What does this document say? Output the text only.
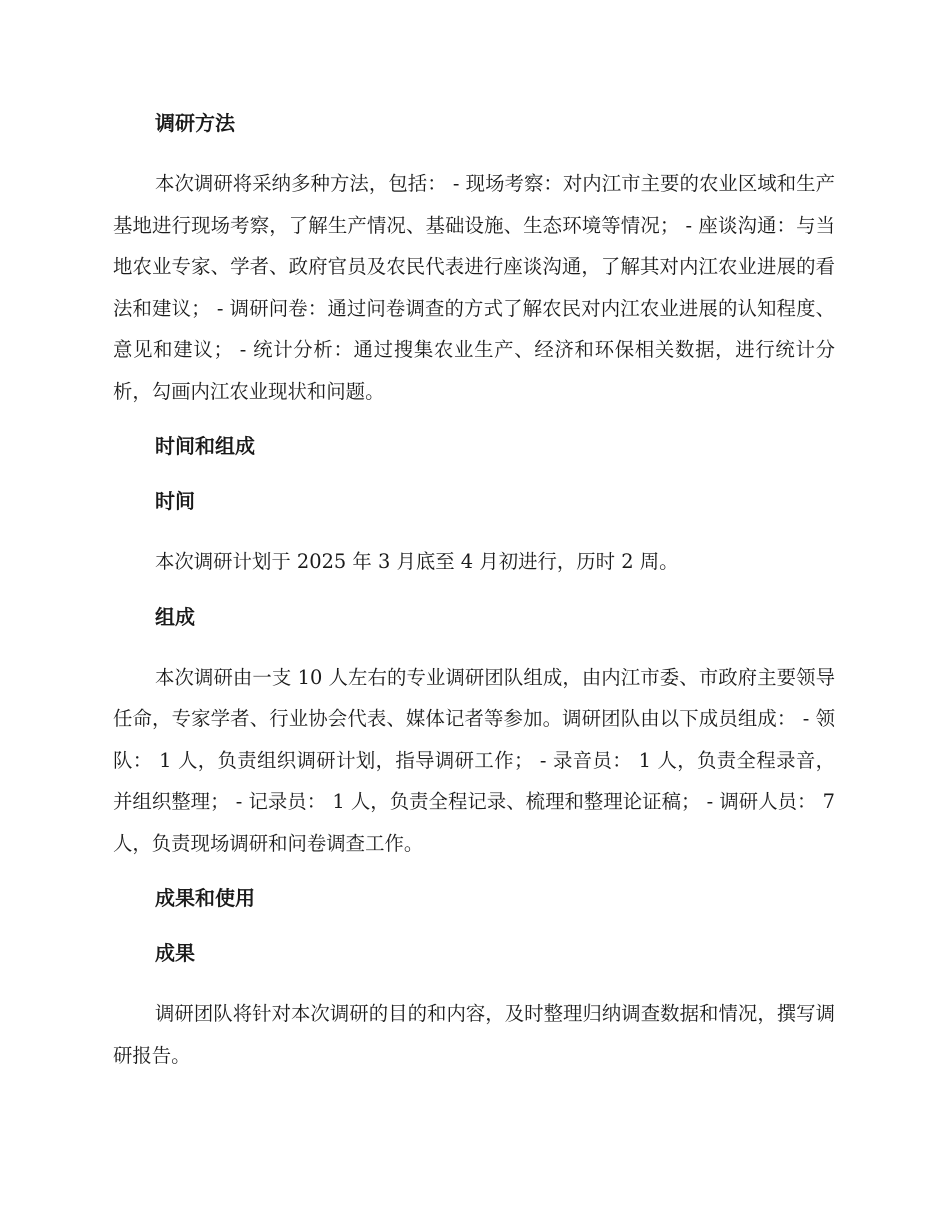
调研方法

本次调研将采纳多种方法，包括： - 现场考察：对内江市主要的农业区域和生产基地进行现场考察，了解生产情况、基础设施、生态环境等情况； - 座谈沟通：与当地农业专家、学者、政府官员及农民代表进行座谈沟通，了解其对内江农业进展的看法和建议； - 调研问卷：通过问卷调查的方式了解农民对内江农业进展的认知程度、意见和建议； - 统计分析：通过搜集农业生产、经济和环保相关数据，进行统计分析，勾画内江农业现状和问题。

时间和组成
时间

本次调研计划于 2025 年 3 月底至 4 月初进行，历时 2 周。

组成

本次调研由一支 10 人左右的专业调研团队组成，由内江市委、市政府主要领导任命，专家学者、行业协会代表、媒体记者等参加。调研团队由以下成员组成： - 领队： 1 人，负责组织调研计划，指导调研工作； - 录音员： 1 人，负责全程录音，并组织整理； - 记录员： 1 人，负责全程记录、梳理和整理论证稿； - 调研人员： 7 人，负责现场调研和问卷调查工作。

成果和使用
成果

调研团队将针对本次调研的目的和内容，及时整理归纳调查数据和情况，撰写调研报告。
